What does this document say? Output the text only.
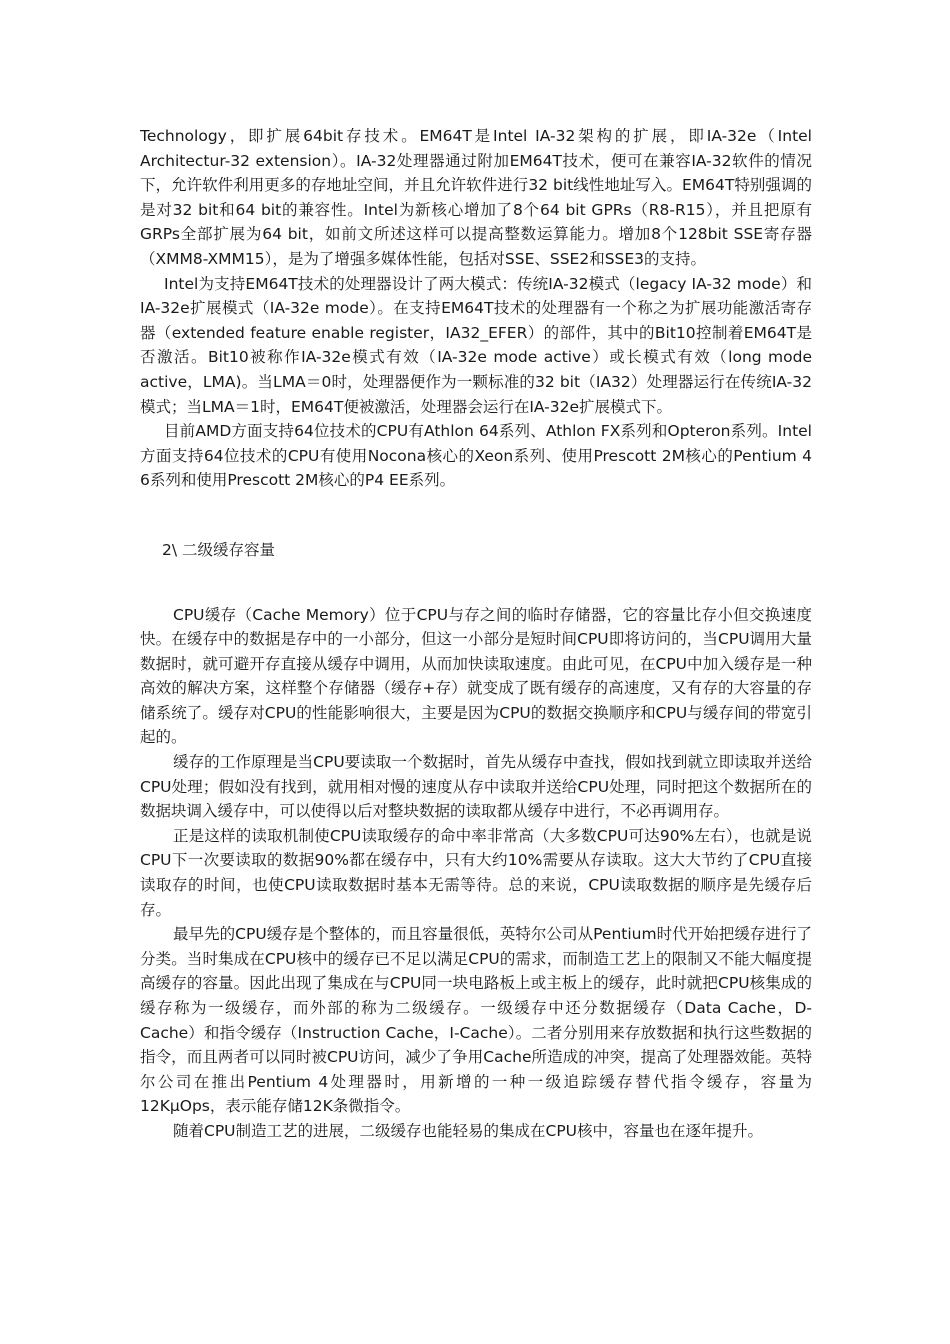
Technology，即扩展64bit存技术。EM64T是Intel IA-32架构的扩展，即IA-32e（Intel Architectur-32 extension）。IA-32处理器通过附加EM64T技术，便可在兼容IA-32软件的情况下，允许软件利用更多的存地址空间，并且允许软件进行32 bit线性地址写入。EM64T特别强调的是对32 bit和64 bit的兼容性。Intel为新核心增加了8个64 bit GPRs（R8-R15），并且把原有GRPs全部扩展为64 bit，如前文所述这样可以提高整数运算能力。增加8个128bit SSE寄存器（XMM8-XMM15），是为了增强多媒体性能，包括对SSE、SSE2和SSE3的支持。

Intel为支持EM64T技术的处理器设计了两大模式：传统IA-32模式（legacy IA-32 mode）和IA-32e扩展模式（IA-32e mode）。在支持EM64T技术的处理器有一个称之为扩展功能激活寄存器（extended feature enable register，IA32_EFER）的部件，其中的Bit10控制着EM64T是否激活。Bit10被称作IA-32e模式有效（IA-32e mode active）或长模式有效（long mode active，LMA)。当LMA＝0时，处理器便作为一颗标准的32 bit（IA32）处理器运行在传统IA-32模式；当LMA＝1时，EM64T便被激活，处理器会运行在IA-32e扩展模式下。

目前AMD方面支持64位技术的CPU有Athlon 64系列、Athlon FX系列和Opteron系列。Intel方面支持64位技术的CPU有使用Nocona核心的Xeon系列、使用Prescott 2M核心的Pentium 4 6系列和使用Prescott 2M核心的P4 EE系列。

2\ 二级缓存容量

CPU缓存（Cache Memory）位于CPU与存之间的临时存储器，它的容量比存小但交换速度快。在缓存中的数据是存中的一小部分，但这一小部分是短时间CPU即将访问的，当CPU调用大量数据时，就可避开存直接从缓存中调用，从而加快读取速度。由此可见，在CPU中加入缓存是一种高效的解决方案，这样整个存储器（缓存+存）就变成了既有缓存的高速度，又有存的大容量的存储系统了。缓存对CPU的性能影响很大，主要是因为CPU的数据交换顺序和CPU与缓存间的带宽引起的。

缓存的工作原理是当CPU要读取一个数据时，首先从缓存中查找，假如找到就立即读取并送给CPU处理；假如没有找到，就用相对慢的速度从存中读取并送给CPU处理，同时把这个数据所在的数据块调入缓存中，可以使得以后对整块数据的读取都从缓存中进行，不必再调用存。

正是这样的读取机制使CPU读取缓存的命中率非常高（大多数CPU可达90%左右），也就是说CPU下一次要读取的数据90%都在缓存中，只有大约10%需要从存读取。这大大节约了CPU直接读取存的时间，也使CPU读取数据时基本无需等待。总的来说，CPU读取数据的顺序是先缓存后存。

最早先的CPU缓存是个整体的，而且容量很低，英特尔公司从Pentium时代开始把缓存进行了分类。当时集成在CPU核中的缓存已不足以满足CPU的需求，而制造工艺上的限制又不能大幅度提高缓存的容量。因此出现了集成在与CPU同一块电路板上或主板上的缓存，此时就把CPU核集成的缓存称为一级缓存，而外部的称为二级缓存。一级缓存中还分数据缓存（Data Cache，D-Cache）和指令缓存（Instruction Cache，I-Cache）。二者分别用来存放数据和执行这些数据的指令，而且两者可以同时被CPU访问，减少了争用Cache所造成的冲突，提高了处理器效能。英特尔公司在推出Pentium 4处理器时，用新增的一种一级追踪缓存替代指令缓存，容量为12KμOps，表示能存储12K条微指令。

随着CPU制造工艺的进展，二级缓存也能轻易的集成在CPU核中，容量也在逐年提升。
